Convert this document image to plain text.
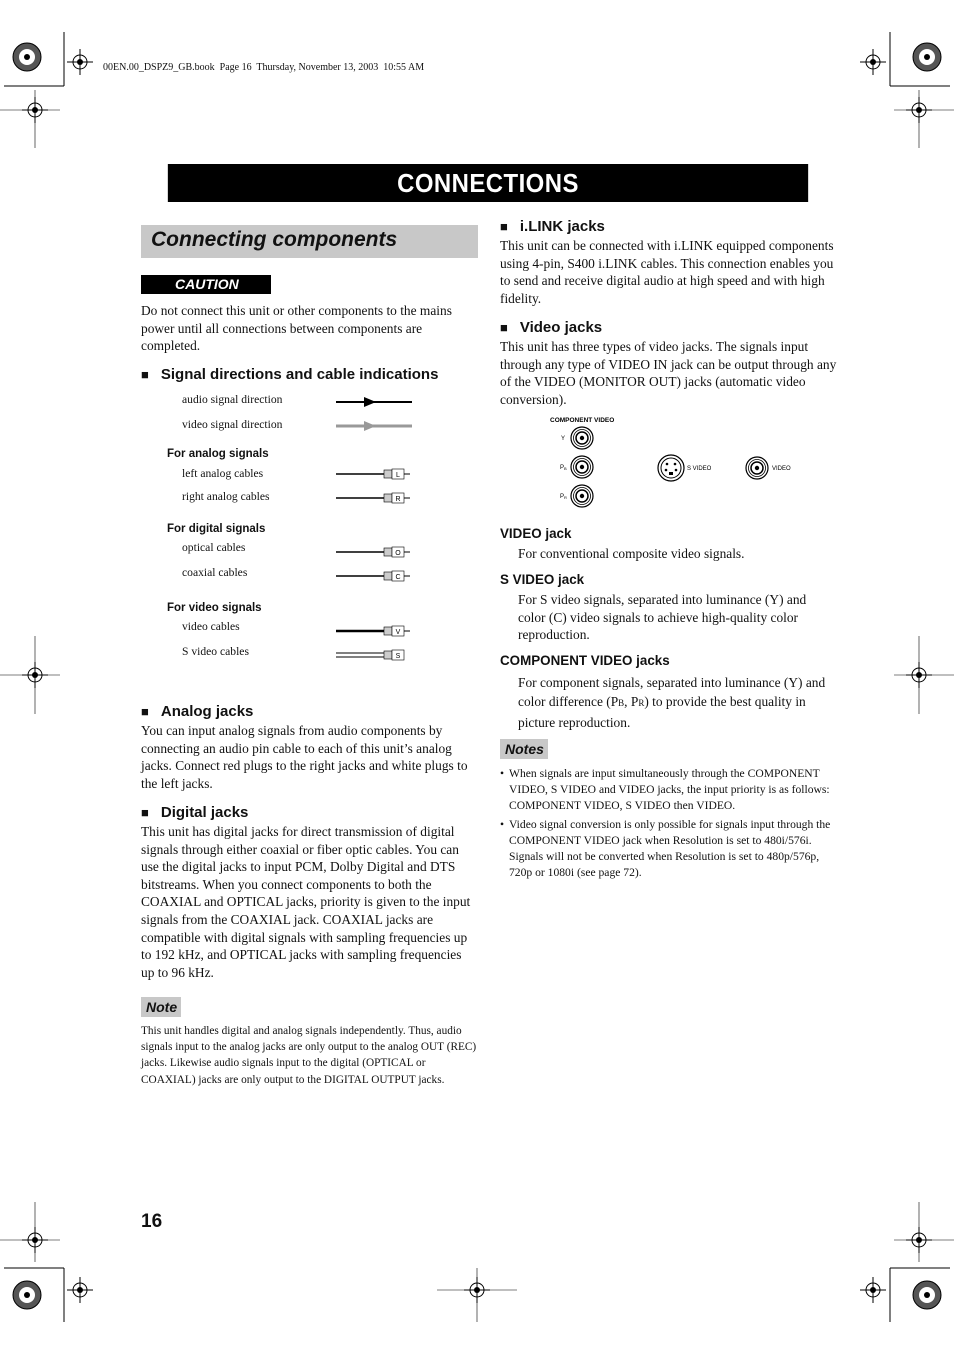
00EN.00_DSPZ9_GB.book  Page 16  Thursday, November 13, 2003  10:55 AM
CONNECTIONS
Connecting components
CAUTION
Do not connect this unit or other components to the mains power until all connections between components are completed.
■ Signal directions and cable indications
audio signal direction
video signal direction
For analog signals
left analog cables
right analog cables
For digital signals
optical cables
coaxial cables
For video signals
video cables
S video cables
L
R
O
C
V
S
■ Analog jacks
You can input analog signals from audio components by connecting an audio pin cable to each of this unit’s analog jacks. Connect red plugs to the right jacks and white plugs to the left jacks.
■ Digital jacks
This unit has digital jacks for direct transmission of digital signals through either coaxial or fiber optic cables. You can use the digital jacks to input PCM, Dolby Digital and DTS bitstreams. When you connect components to both the COAXIAL and OPTICAL jacks, priority is given to the input signals from the COAXIAL jack. COAXIAL jacks are compatible with digital signals with sampling frequencies up to 192 kHz, and OPTICAL jacks with sampling frequencies up to 96 kHz.
Note
This unit handles digital and analog signals independently. Thus, audio signals input to the analog jacks are only output to the analog OUT (REC) jacks. Likewise audio signals input to the digital (OPTICAL or COAXIAL) jacks are only output to the DIGITAL OUTPUT jacks.
■ i.LINK jacks
This unit can be connected with i.LINK equipped components using 4-pin, S400 i.LINK cables. This connection enables you to send and receive digital audio at high speed and with high fidelity.
■ Video jacks
This unit has three types of video jacks. The signals input through any type of VIDEO IN jack can be output through any of the VIDEO (MONITOR OUT) jacks (automatic video conversion).
COMPONENT VIDEO
Y
PB
PR
S VIDEO	VIDEO
VIDEO jack
For conventional composite video signals.
S VIDEO jack
For S video signals, separated into luminance (Y) and color (C) video signals to achieve high-quality color reproduction.
COMPONENT VIDEO jacks
For component signals, separated into luminance (Y) and color difference (PB, PR) to provide the best quality in picture reproduction.
Notes
• When signals are input simultaneously through the COMPONENT VIDEO, S VIDEO and VIDEO jacks, the input priority is as follows: COMPONENT VIDEO, S VIDEO then VIDEO.
• Video signal conversion is only possible for signals input through the COMPONENT VIDEO jack when Resolution is set to 480i/576i. Signals will not be converted when Resolution is set to 480p/576p, 720p or 1080i (see page 72).
16
